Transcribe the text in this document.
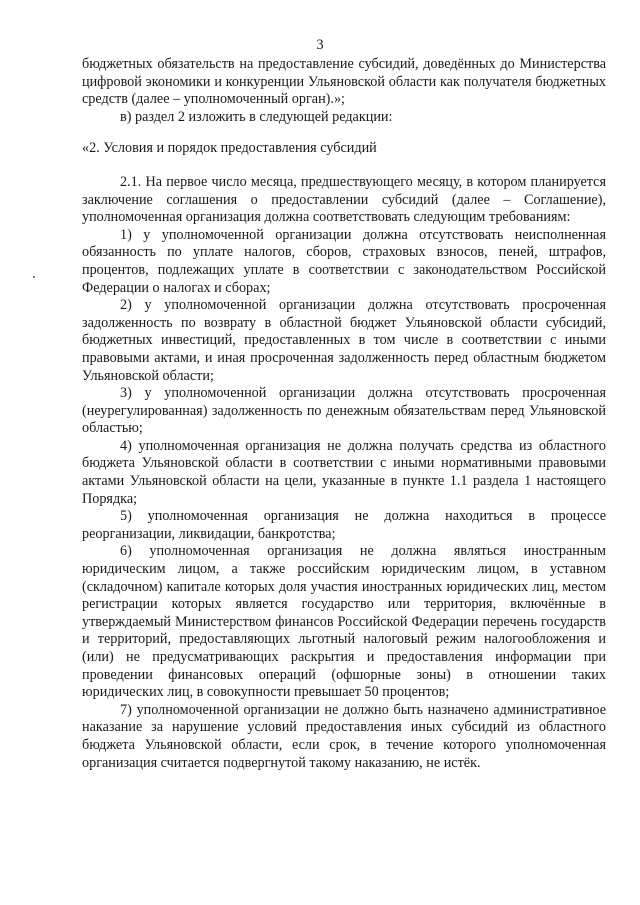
3

бюджетных обязательств на предоставление субсидий, доведённых до Министерства цифровой экономики и конкуренции Ульяновской области как получателя бюджетных средств (далее – уполномоченный орган).»;

в) раздел 2 изложить в следующей редакции:

«2. Условия и порядок предоставления субсидий

2.1. На первое число месяца, предшествующего месяцу, в котором планируется заключение соглашения о предоставлении субсидий (далее – Соглашение), уполномоченная организация должна соответствовать следующим требованиям:

1) у уполномоченной организации должна отсутствовать неисполненная обязанность по уплате налогов, сборов, страховых взносов, пеней, штрафов, процентов, подлежащих уплате в соответствии с законодательством Российской Федерации о налогах и сборах;

2) у уполномоченной организации должна отсутствовать просроченная задолженность по возврату в областной бюджет Ульяновской области субсидий, бюджетных инвестиций, предоставленных в том числе в соответствии с иными правовыми актами, и иная просроченная задолженность перед областным бюджетом Ульяновской области;

3) у уполномоченной организации должна отсутствовать просроченная (неурегулированная) задолженность по денежным обязательствам перед Ульяновской областью;

4) уполномоченная организация не должна получать средства из областного бюджета Ульяновской области в соответствии с иными нормативными правовыми актами Ульяновской области на цели, указанные в пункте 1.1 раздела 1 настоящего Порядка;

5) уполномоченная организация не должна находиться в процессе реорганизации, ликвидации, банкротства;

6) уполномоченная организация не должна являться иностранным юридическим лицом, а также российским юридическим лицом, в уставном (складочном) капитале которых доля участия иностранных юридических лиц, местом регистрации которых является государство или территория, включённые в утверждаемый Министерством финансов Российской Федерации перечень государств и территорий, предоставляющих льготный налоговый режим налогообложения и (или) не предусматривающих раскрытия и предоставления информации при проведении финансовых операций (офшорные зоны) в отношении таких юридических лиц, в совокупности превышает 50 процентов;

7) уполномоченной организации не должно быть назначено административное наказание за нарушение условий предоставления иных субсидий из областного бюджета Ульяновской области, если срок, в течение которого уполномоченная организация считается подвергнутой такому наказанию, не истёк.
